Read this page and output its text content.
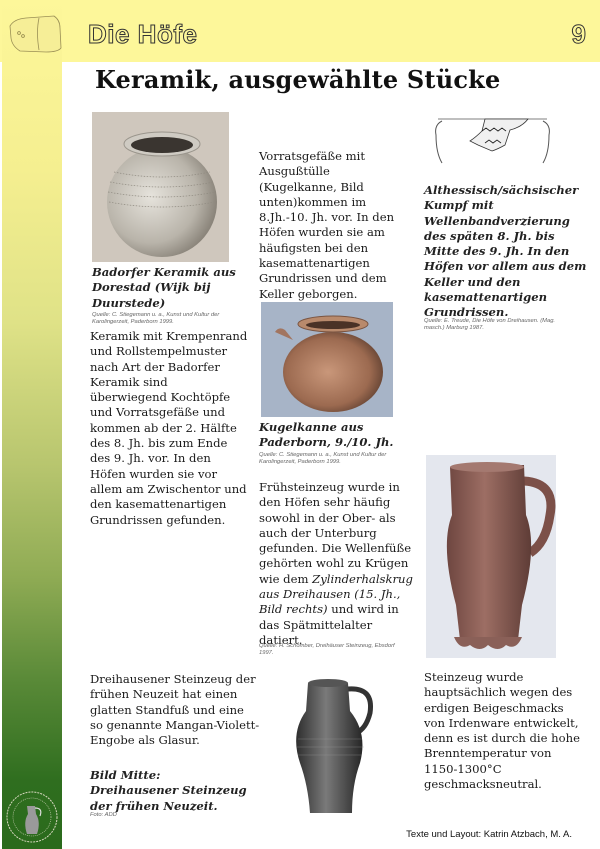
Die Höfe	9
Keramik, ausgewählte Stücke
Badorfer Keramik aus Dorestad (Wijk bij Duurstede)
Quelle: C. Stiegemann u. a., Kunst und Kultur der Karolingerzeit, Paderborn 1999.
Keramik mit Krempenrand und Rollstempelmuster nach Art der Badorfer Keramik sind überwiegend Kochtöpfe und Vorratsgefäße und kommen ab der 2. Hälfte des 8. Jh. bis zum Ende des 9. Jh. vor. In den Höfen wurden sie vor allem am Zwischentor und den kasemattenartigen Grundrissen gefunden.
Vorratsgefäße mit Ausgußtülle (Kugelkanne, Bild unten)kommen im 8.Jh.-10. Jh. vor. In den Höfen wurden sie am häufigsten bei den kasemattenartigen Grundrissen und dem Keller geborgen.
Kugelkanne aus Paderborn, 9./10. Jh.
Quelle: C. Stiegemann u. a., Kunst und Kultur der Karolingerzeit, Paderborn 1999.
Frühsteinzeug wurde in den Höfen sehr häufig sowohl in der Ober- als auch der Unterburg gefunden. Die Wellenfüße gehörten wohl zu Krügen wie dem Zylinderhalskrug aus Dreihausen (15. Jh., Bild rechts) und wird in das Spätmittelalter datiert.
Quelle: H. Schomber, Dreihäuser Steinzeug, Ebsdorf 1997.
Althessisch/sächsischer Kumpf mit Wellenbandverzierung des späten 8. Jh. bis Mitte des 9. Jh. In den Höfen vor allem aus dem Keller und den kasemattenartigen Grundrissen.
Quelle: E. Treude, Die Höfe von Dreihausen. (Mag. masch.) Marburg 1987.
Steinzeug wurde hauptsächlich wegen des erdigen Beigeschmacks von Irdenware entwickelt, denn es ist durch die hohe Brenntemperatur von 1150-1300°C geschmacksneutral.
Dreihausener Steinzeug der frühen Neuzeit hat einen glatten Standfuß und eine so genannte Mangan-Violett-Engobe als Glasur.
Bild Mitte: Dreihausener Steinzeug der frühen Neuzeit.
Foto: ADD
Texte und Layout: Katrin Atzbach, M. A.
